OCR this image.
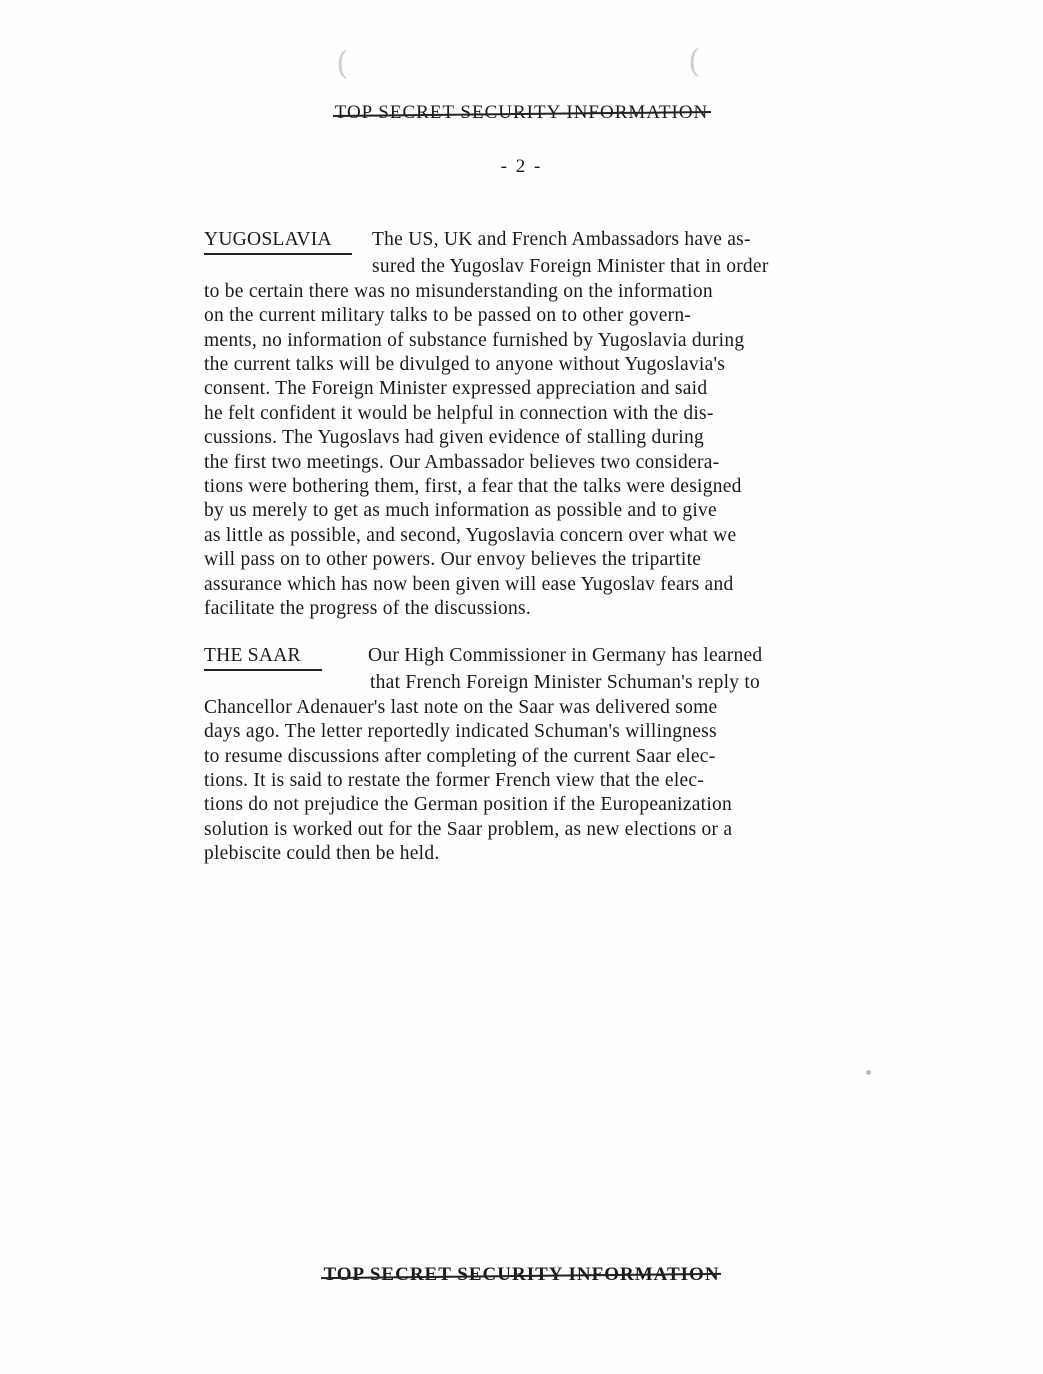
(	(
TOP SECRET SECURITY INFORMATION
- 2 -
YUGOSLAVIA	The US, UK and French Ambassadors have as-
sured the Yugoslav Foreign Minister that in order
to be certain there was no misunderstanding on the information
on the current military talks to be passed on to other govern-
ments, no information of substance furnished by Yugoslavia during
the current talks will be divulged to anyone without Yugoslavia's
consent. The Foreign Minister expressed appreciation and said
he felt confident it would be helpful in connection with the dis-
cussions. The Yugoslavs had given evidence of stalling during
the first two meetings. Our Ambassador believes two considera-
tions were bothering them, first, a fear that the talks were designed
by us merely to get as much information as possible and to give
as little as possible, and second, Yugoslavia concern over what we
will pass on to other powers. Our envoy believes the tripartite
assurance which has now been given will ease Yugoslav fears and
facilitate the progress of the discussions.
THE SAAR	Our High Commissioner in Germany has learned
that French Foreign Minister Schuman's reply to
Chancellor Adenauer's last note on the Saar was delivered some
days ago. The letter reportedly indicated Schuman's willingness
to resume discussions after completing of the current Saar elec-
tions. It is said to restate the former French view that the elec-
tions do not prejudice the German position if the Europeanization
solution is worked out for the Saar problem, as new elections or a
plebiscite could then be held.
TOP SECRET SECURITY INFORMATION
